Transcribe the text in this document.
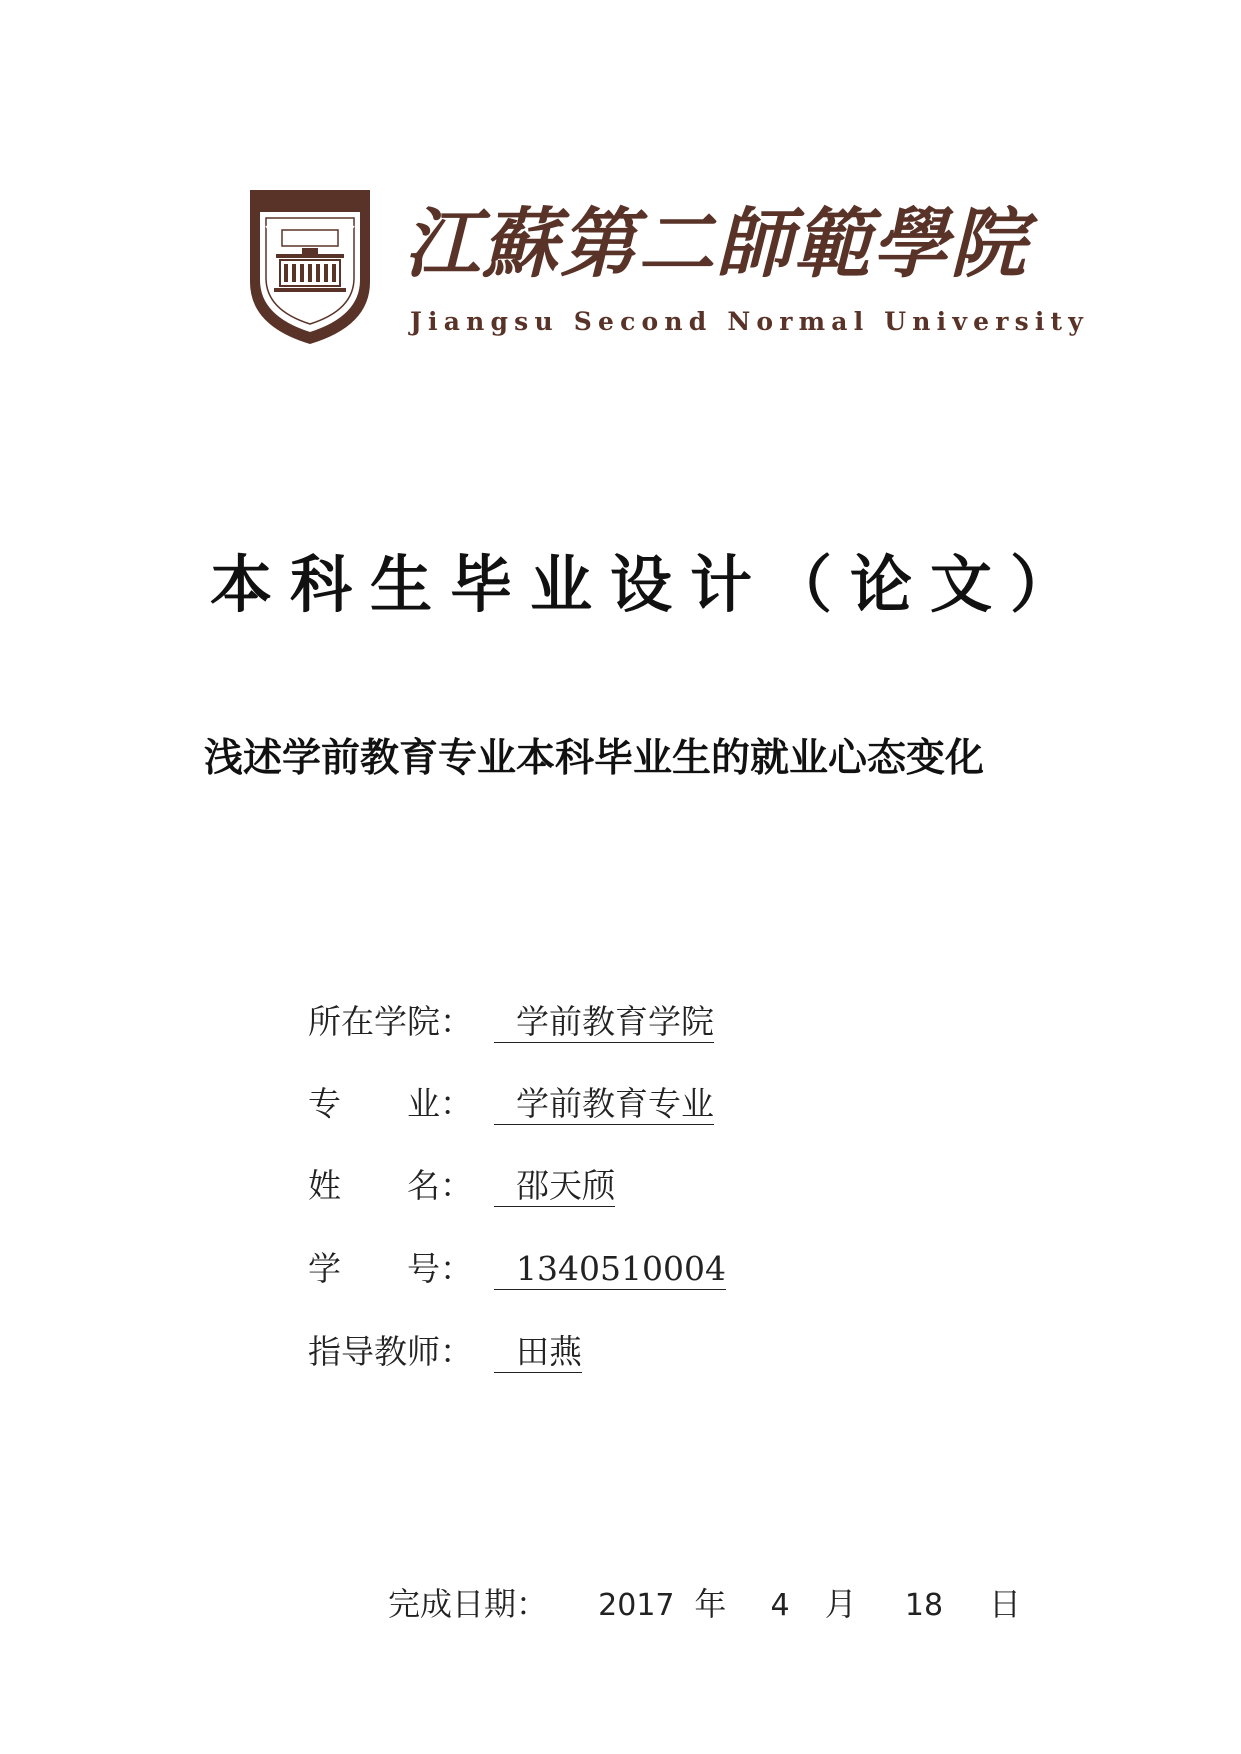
江蘇第二師範學院
Jiangsu Second Normal University
本科生毕业设计（论文）
浅述学前教育专业本科毕业生的就业心态变化
所在学院： 学前教育学院
专　　业： 学前教育专业
姓　　名： 邵天颀
学　　号： 1340510004
指导教师： 田燕
完成日期： 2017 年 4 月 18 日
